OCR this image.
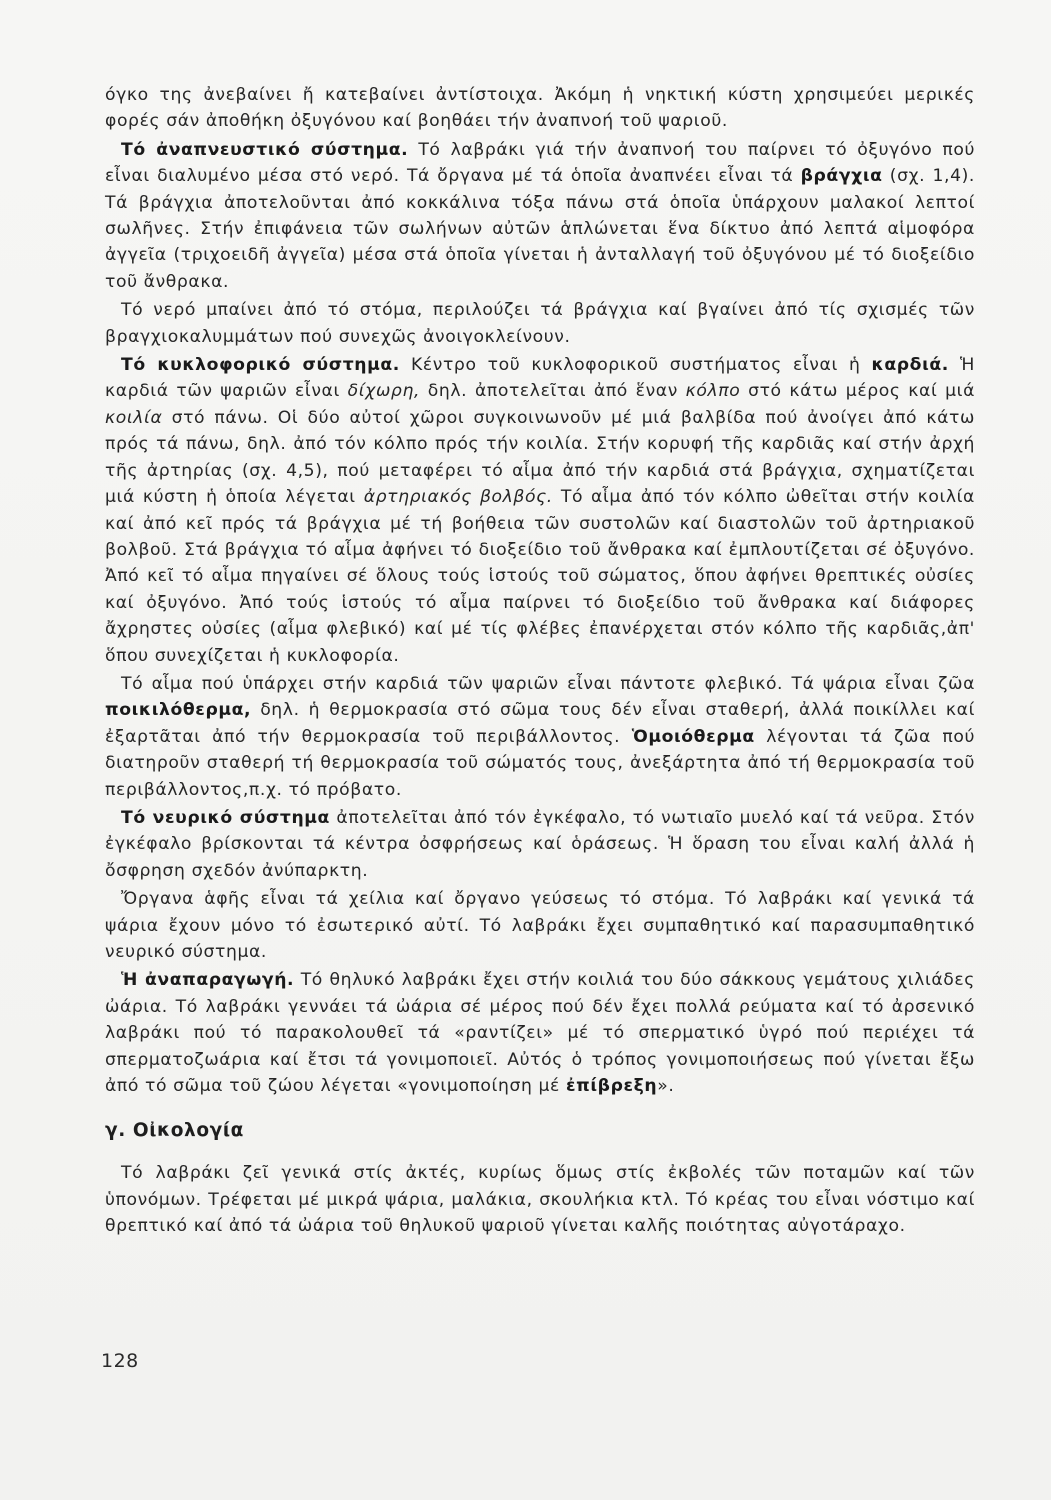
όγκο της ἀνεβαίνει ἤ κατεβαίνει ἀντίστοιχα. Ἀκόμη ἡ νηκτική κύστη χρησιμεύει μερικές φορές σάν ἀποθήκη ὀξυγόνου καί βοηθάει τήν ἀναπνοή τοῦ ψαριοῦ.

Τό ἀναπνευστικό σύστημα. Τό λαβράκι γιά τήν ἀναπνοή του παίρνει τό ὀξυγόνο πού εἶναι διαλυμένο μέσα στό νερό. Τά ὄργανα μέ τά ὁποῖα ἀναπνέει εἶναι τά βράγχια (σχ. 1,4). Τά βράγχια ἀποτελοῦνται ἀπό κοκκάλινα τόξα πάνω στά ὁποῖα ὑπάρχουν μαλακοί λεπτοί σωλῆνες. Στήν ἐπιφάνεια τῶν σωλήνων αὐτῶν ἁπλώνεται ἕνα δίκτυο ἀπό λεπτά αἱμοφόρα ἀγγεῖα (τριχοειδῆ ἀγγεῖα) μέσα στά ὁποῖα γίνεται ἡ ἀνταλλαγή τοῦ ὀξυγόνου μέ τό διοξείδιο τοῦ ἄνθρακα.

Τό νερό μπαίνει ἀπό τό στόμα, περιλούζει τά βράγχια καί βγαίνει ἀπό τίς σχισμές τῶν βραγχιοκαλυμμάτων πού συνεχῶς ἀνοιγοκλείνουν.

Τό κυκλοφορικό σύστημα. Κέντρο τοῦ κυκλοφορικοῦ συστήματος εἶναι ἡ καρδιά. Ἡ καρδιά τῶν ψαριῶν εἶναι δίχωρη, δηλ. ἀποτελεῖται ἀπό ἕναν κόλπο στό κάτω μέρος καί μιά κοιλία στό πάνω. Οἱ δύο αὐτοί χῶροι συγκοινωνοῦν μέ μιά βαλβίδα πού ἀνοίγει ἀπό κάτω πρός τά πάνω, δηλ. ἀπό τόν κόλπο πρός τήν κοιλία. Στήν κορυφή τῆς καρδιᾶς καί στήν ἀρχή τῆς ἀρτηρίας (σχ. 4,5), πού μεταφέρει τό αἷμα ἀπό τήν καρδιά στά βράγχια, σχηματίζεται μιά κύστη ἡ ὁποία λέγεται ἀρτηριακός βολβός. Τό αἷμα ἀπό τόν κόλπο ὠθεῖται στήν κοιλία καί ἀπό κεῖ πρός τά βράγχια μέ τή βοήθεια τῶν συστολῶν καί διαστολῶν τοῦ ἀρτηριακοῦ βολβοῦ. Στά βράγχια τό αἷμα ἀφήνει τό διοξείδιο τοῦ ἄνθρακα καί ἐμπλουτίζεται σέ ὀξυγόνο. Ἀπό κεῖ τό αἷμα πηγαίνει σέ ὅλους τούς ἱστούς τοῦ σώματος, ὅπου ἀφήνει θρεπτικές οὐσίες καί ὀξυγόνο. Ἀπό τούς ἱστούς τό αἷμα παίρνει τό διοξείδιο τοῦ ἄνθρακα καί διάφορες ἄχρηστες οὐσίες (αἷμα φλεβικό) καί μέ τίς φλέβες ἐπανέρχεται στόν κόλπο τῆς καρδιᾶς,ἀπ' ὅπου συνεχίζεται ἡ κυκλοφορία.

Τό αἷμα πού ὑπάρχει στήν καρδιά τῶν ψαριῶν εἶναι πάντοτε φλεβικό. Τά ψάρια εἶναι ζῶα ποικιλόθερμα, δηλ. ἡ θερμοκρασία στό σῶμα τους δέν εἶναι σταθερή, ἀλλά ποικίλλει καί ἐξαρτᾶται ἀπό τήν θερμοκρασία τοῦ περιβάλλοντος. Ὁμοιόθερμα λέγονται τά ζῶα πού διατηροῦν σταθερή τή θερμοκρασία τοῦ σώματός τους, ἀνεξάρτητα ἀπό τή θερμοκρασία τοῦ περιβάλλοντος,π.χ. τό πρόβατο.

Τό νευρικό σύστημα ἀποτελεῖται ἀπό τόν ἐγκέφαλο, τό νωτιαῖο μυελό καί τά νεῦρα. Στόν ἐγκέφαλο βρίσκονται τά κέντρα ὀσφρήσεως καί ὁράσεως. Ἡ ὅραση του εἶναι καλή ἀλλά ἡ ὄσφρηση σχεδόν ἀνύπαρκτη.

Ὄργανα ἁφῆς εἶναι τά χείλια καί ὄργανο γεύσεως τό στόμα. Τό λαβράκι καί γενικά τά ψάρια ἔχουν μόνο τό ἐσωτερικό αὐτί. Τό λαβράκι ἔχει συμπαθητικό καί παρασυμπαθητικό νευρικό σύστημα.

Ἡ ἀναπαραγωγή. Τό θηλυκό λαβράκι ἔχει στήν κοιλιά του δύο σάκκους γεμάτους χιλιάδες ὠάρια. Τό λαβράκι γεννάει τά ὠάρια σέ μέρος πού δέν ἔχει πολλά ρεύματα καί τό ἀρσενικό λαβράκι πού τό παρακολουθεῖ τά «ραντίζει» μέ τό σπερματικό ὑγρό πού περιέχει τά σπερματοζωάρια καί ἔτσι τά γονιμοποιεῖ. Αὐτός ὁ τρόπος γονιμοποιήσεως πού γίνεται ἔξω ἀπό τό σῶμα τοῦ ζώου λέγεται «γονιμοποίηση μέ ἐπίβρεξη».

γ. Οἰκολογία

Τό λαβράκι ζεῖ γενικά στίς ἀκτές, κυρίως ὅμως στίς ἐκβολές τῶν ποταμῶν καί τῶν ὑπονόμων. Τρέφεται μέ μικρά ψάρια, μαλάκια, σκουλήκια κτλ. Τό κρέας του εἶναι νόστιμο καί θρεπτικό καί ἀπό τά ὠάρια τοῦ θηλυκοῦ ψαριοῦ γίνεται καλῆς ποιότητας αὐγοτάραχο.

128
